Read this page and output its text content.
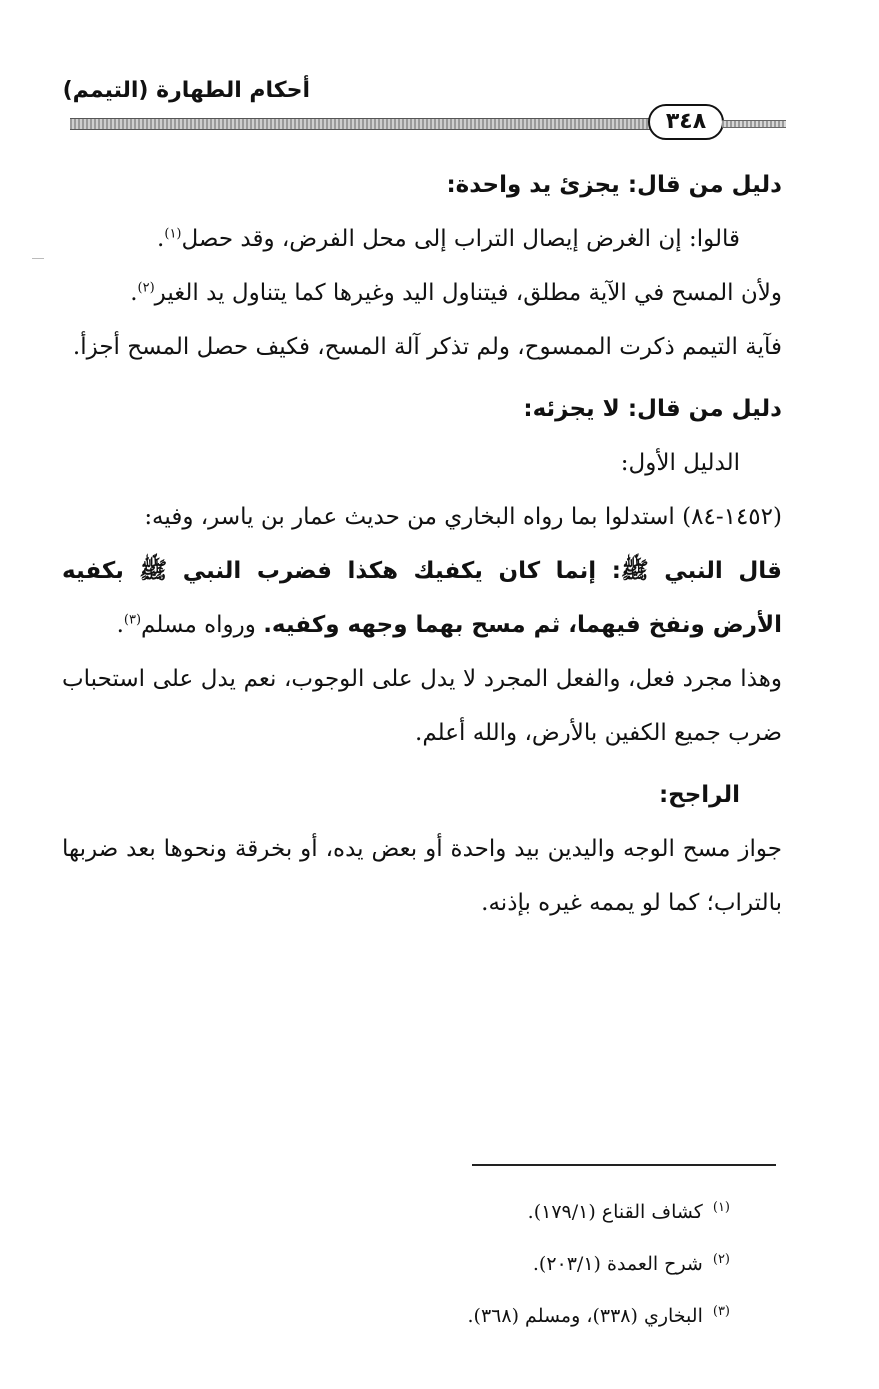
أحكام الطهارة (التيمم)
٣٤٨

دليل من قال: يجزئ يد واحدة:

قالوا: إن الغرض إيصال التراب إلى محل الفرض، وقد حصل$^{(١)}$.

ولأن المسح في الآية مطلق، فيتناول اليد وغيرها كما يتناول يد الغير$^{(٢)}$.

فآية التيمم ذكرت الممسوح، ولم تذكر آلة المسح، فكيف حصل المسح أجزأ.

دليل من قال: لا يجزئه:

الدليل الأول:

(١٤٥٢-٨٤) استدلوا بما رواه البخاري من حديث عمار بن ياسر، وفيه:

قال النبي ﷺ: إنما كان يكفيك هكذا فضرب النبي ﷺ بكفيه الأرض ونفخ فيهما، ثم مسح بهما وجهه وكفيه. ورواه مسلم$^{(٣)}$.

وهذا مجرد فعل، والفعل المجرد لا يدل على الوجوب، نعم يدل على استحباب ضرب جميع الكفين بالأرض، والله أعلم.

الراجح:

جواز مسح الوجه واليدين بيد واحدة أو بعض يده، أو بخرقة ونحوها بعد ضربها بالتراب؛ كما لو يممه غيره بإذنه.

$^{(١)}$كشاف القناع (١٧٩/١).

$^{(٢)}$شرح العمدة (٢٠٣/١).

$^{(٣)}$البخاري (٣٣٨)، ومسلم (٣٦٨).
